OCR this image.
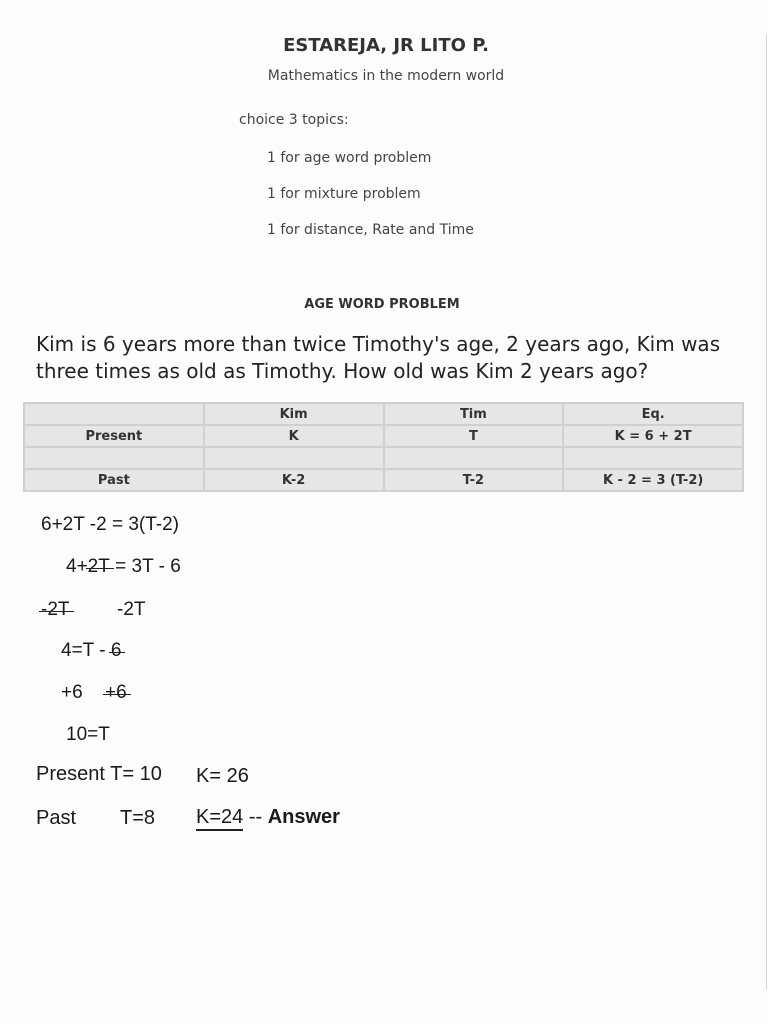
ESTAREJA, JR LITO P.
Mathematics in the modern world
choice 3 topics:
1 for age word problem
1 for mixture problem
1 for distance, Rate and Time
AGE WORD PROBLEM
Kim is 6 years more than twice Timothy's age, 2 years ago, Kim was three times as old as Timothy. How old was Kim 2 years ago?
	Kim	Tim	Eq.
Present	K	T	K = 6 + 2T

Past	K-2	T-2	K - 2 = 3 (T-2)
6+2T -2 = 3(T-2)
4+2T = 3T - 6
-2T	-2T
4=T - 6
+6 +6
10=T
Present T= 10 K= 26
Past T=8 K=24 -- Answer
